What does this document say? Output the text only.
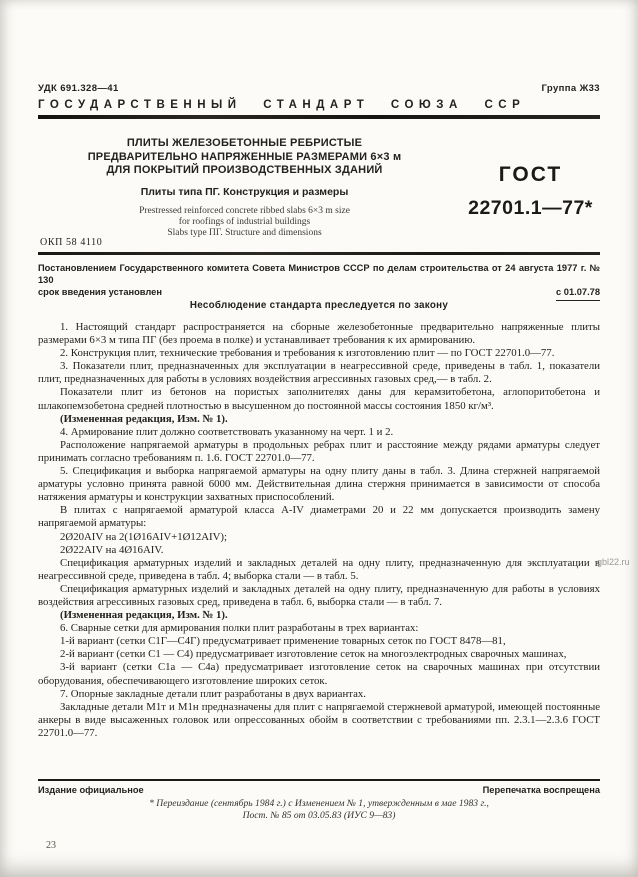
УДК 691.328—41	Группа Ж33
ГОСУДАРСТВЕННЫЙ СТАНДАРТ СОЮЗА ССР
ПЛИТЫ ЖЕЛЕЗОБЕТОННЫЕ РЕБРИСТЫЕ
ПРЕДВАРИТЕЛЬНО НАПРЯЖЕННЫЕ РАЗМЕРАМИ 6×3 м
ДЛЯ ПОКРЫТИЙ ПРОИЗВОДСТВЕННЫХ ЗДАНИЙ
Плиты типа ПГ. Конструкция и размеры
Prestressed reinforced concrete ribbed slabs 6×3 m size
for roofings of industrial buildings
Slabs type ПГ. Structure and dimensions
ГОСТ
22701.1—77*
ОКП 58 4110
Постановлением Государственного комитета Совета Министров СССР по делам строительства от 24 августа 1977 г. № 130
срок введения установлен	с 01.07.78
Несоблюдение стандарта преследуется по закону

1. Настоящий стандарт распространяется на сборные железобетонные предварительно напряженные плиты размерами 6×3 м типа ПГ (без проема в полке) и устанавливает требования к их армированию.

2. Конструкция плит, технические требования и требования к изготовлению плит — по ГОСТ 22701.0—77.

3. Показатели плит, предназначенных для эксплуатации в неагрессивной среде, приведены в табл. 1, показатели плит, предназначенных для работы в условиях воздействия агрессивных газовых сред,— в табл. 2.

Показатели плит из бетонов на пористых заполнителях даны для керамзитобетона, аглопоритобетона и шлакопемзобетона средней плотностью в высушенном до постоянной массы состояния 1850 кг/м³.

(Измененная редакция, Изм. № 1).

4. Армирование плит должно соответствовать указанному на черт. 1 и 2.

Расположение напрягаемой арматуры в продольных ребрах плит и расстояние между рядами арматуры следует принимать согласно требованиям п. 1.6. ГОСТ 22701.0—77.

5. Спецификация и выборка напрягаемой арматуры на одну плиту даны в табл. 3. Длина стержней напрягаемой арматуры условно принята равной 6000 мм. Действительная длина стержня принимается в зависимости от способа натяжения арматуры и конструкции захватных приспособлений.

В плитах с напрягаемой арматурой класса А-IV диаметрами 20 и 22 мм допускается производить замену напрягаемой арматуры:

2Ø20АIV на 2(1Ø16АIV+1Ø12АIV);

2Ø22АIV на 4Ø16АIV.

Спецификация арматурных изделий и закладных деталей на одну плиту, предназначенную для эксплуатации в неагрессивной среде, приведена в табл. 4; выборка стали — в табл. 5.

Спецификация арматурных изделий и закладных деталей на одну плиту, предназначенную для работы в условиях воздействия агрессивных газовых сред, приведена в табл. 6, выборка стали — в табл. 7.

(Измененная редакция, Изм. № 1).

6. Сварные сетки для армирования полки плит разработаны в трех вариантах:

1-й вариант (сетки С1Г—С4Г) предусматривает применение товарных сеток по ГОСТ 8478—81,

2-й вариант (сетки С1 — С4) предусматривает изготовление сеток на многоэлектродных сварочных машинах,

3-й вариант (сетки С1а — С4а) предусматривает изготовление сеток на сварочных машинах при отсутствии оборудования, обеспечивающего изготовление широких сеток.

7. Опорные закладные детали плит разработаны в двух вариантах.

Закладные детали М1т и М1н предназначены для плит с напрягаемой стержневой арматурой, имеющей постоянные анкеры в виде высаженных головок или опрессованных обойм в соответствии с требованиями пп. 2.3.1—2.3.6 ГОСТ 22701.0—77.

Издание официальное	Перепечатка воспрещена
* Переиздание (сентябрь 1984 г.) с Изменением № 1, утвержденным в мае 1983 г.,
Пост. № 85 от 03.05.83 (ИУС 9—83)
23
gbl22.ru
